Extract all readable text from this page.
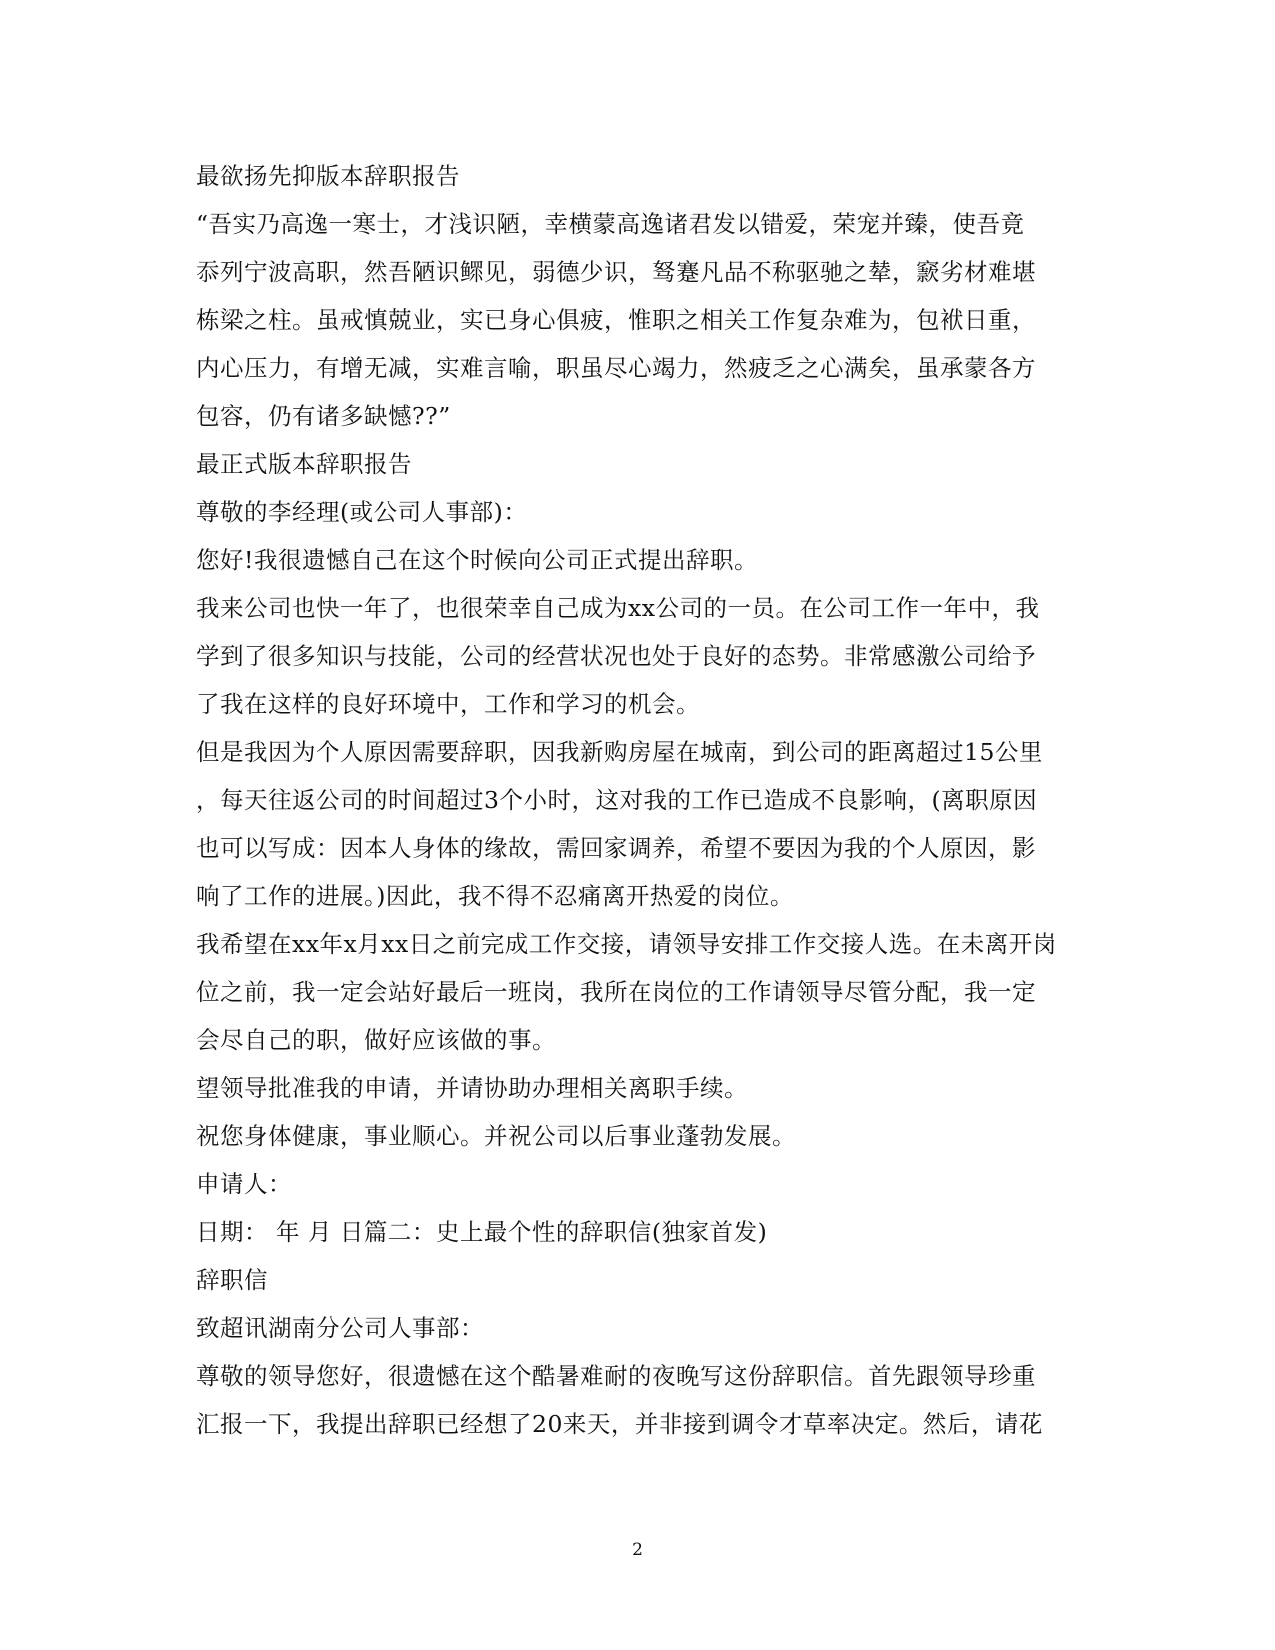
最欲扬先抑版本辞职报告
“吾实乃高逸一寒士，才浅识陋，幸横蒙高逸诸君发以错爱，荣宠并臻，使吾竟
忝列宁波高职，然吾陋识鳏见，弱德少识，驽蹇凡品不称驱驰之辇，窾劣材难堪
栋梁之柱。虽戒慎兢业，实已身心俱疲，惟职之相关工作复杂难为，包袱日重，
内心压力，有增无减，实难言喻，职虽尽心竭力，然疲乏之心满矣，虽承蒙各方
包容，仍有诸多缺憾??”
最正式版本辞职报告
尊敬的李经理(或公司人事部)：
您好!我很遗憾自己在这个时候向公司正式提出辞职。
我来公司也快一年了，也很荣幸自己成为xx公司的一员。在公司工作一年中，我
学到了很多知识与技能，公司的经营状况也处于良好的态势。非常感激公司给予
了我在这样的良好环境中，工作和学习的机会。
但是我因为个人原因需要辞职，因我新购房屋在城南，到公司的距离超过15公里
，每天往返公司的时间超过3个小时，这对我的工作已造成不良影响，(离职原因
也可以写成：因本人身体的缘故，需回家调养，希望不要因为我的个人原因，影
响了工作的进展。)因此，我不得不忍痛离开热爱的岗位。
我希望在xx年x月xx日之前完成工作交接，请领导安排工作交接人选。在未离开岗
位之前，我一定会站好最后一班岗，我所在岗位的工作请领导尽管分配，我一定
会尽自己的职，做好应该做的事。
望领导批准我的申请，并请协助办理相关离职手续。
祝您身体健康，事业顺心。并祝公司以后事业蓬勃发展。
申请人：
日期： 年 月 日篇二：史上最个性的辞职信(独家首发)
辞职信
致超讯湖南分公司人事部：
尊敬的领导您好，很遗憾在这个酷暑难耐的夜晚写这份辞职信。首先跟领导珍重
汇报一下，我提出辞职已经想了20来天，并非接到调令才草率决定。然后，请花
2
